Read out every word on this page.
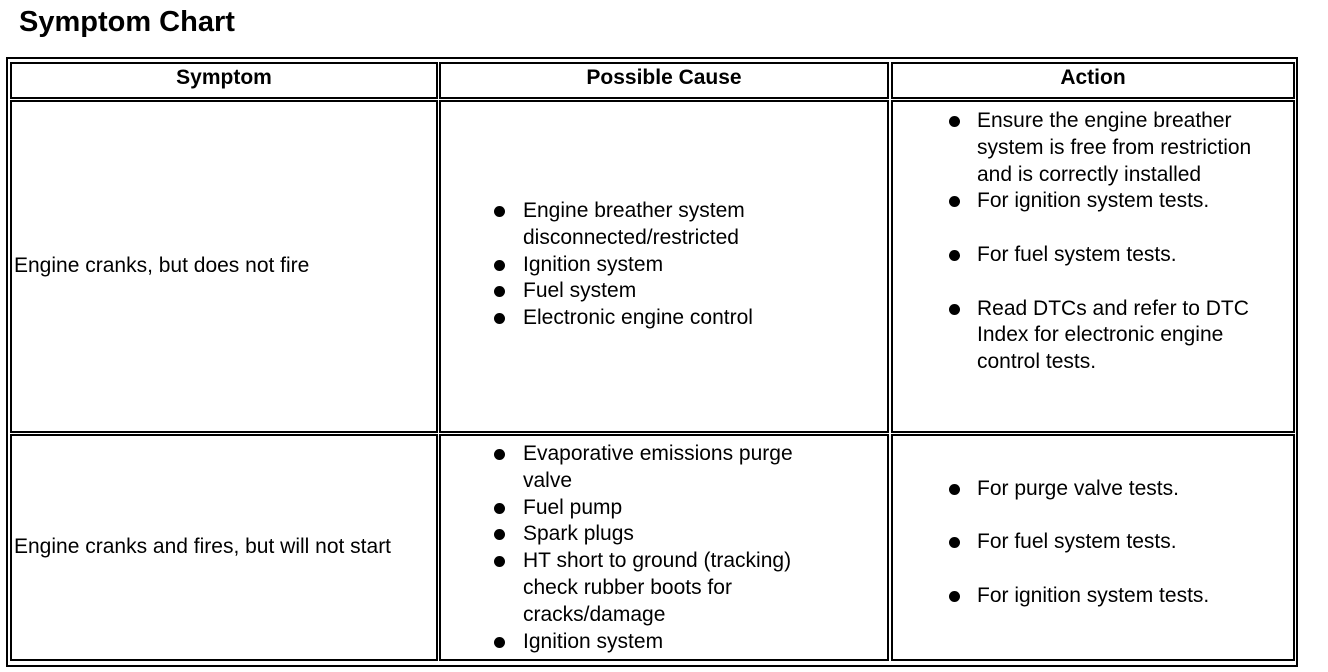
Symptom Chart
Symptom	Possible Cause	Action
Engine cranks, but does not fire
Engine breather system disconnected/restricted
Ignition system
Fuel system
Electronic engine control
Ensure the engine breather system is free from restriction and is correctly installed
For ignition system tests.
For fuel system tests.
Read DTCs and refer to DTC Index for electronic engine control tests.
Engine cranks and fires, but will not start
Evaporative emissions purge valve
Fuel pump
Spark plugs
HT short to ground (tracking) check rubber boots for cracks/damage
Ignition system
For purge valve tests.
For fuel system tests.
For ignition system tests.
